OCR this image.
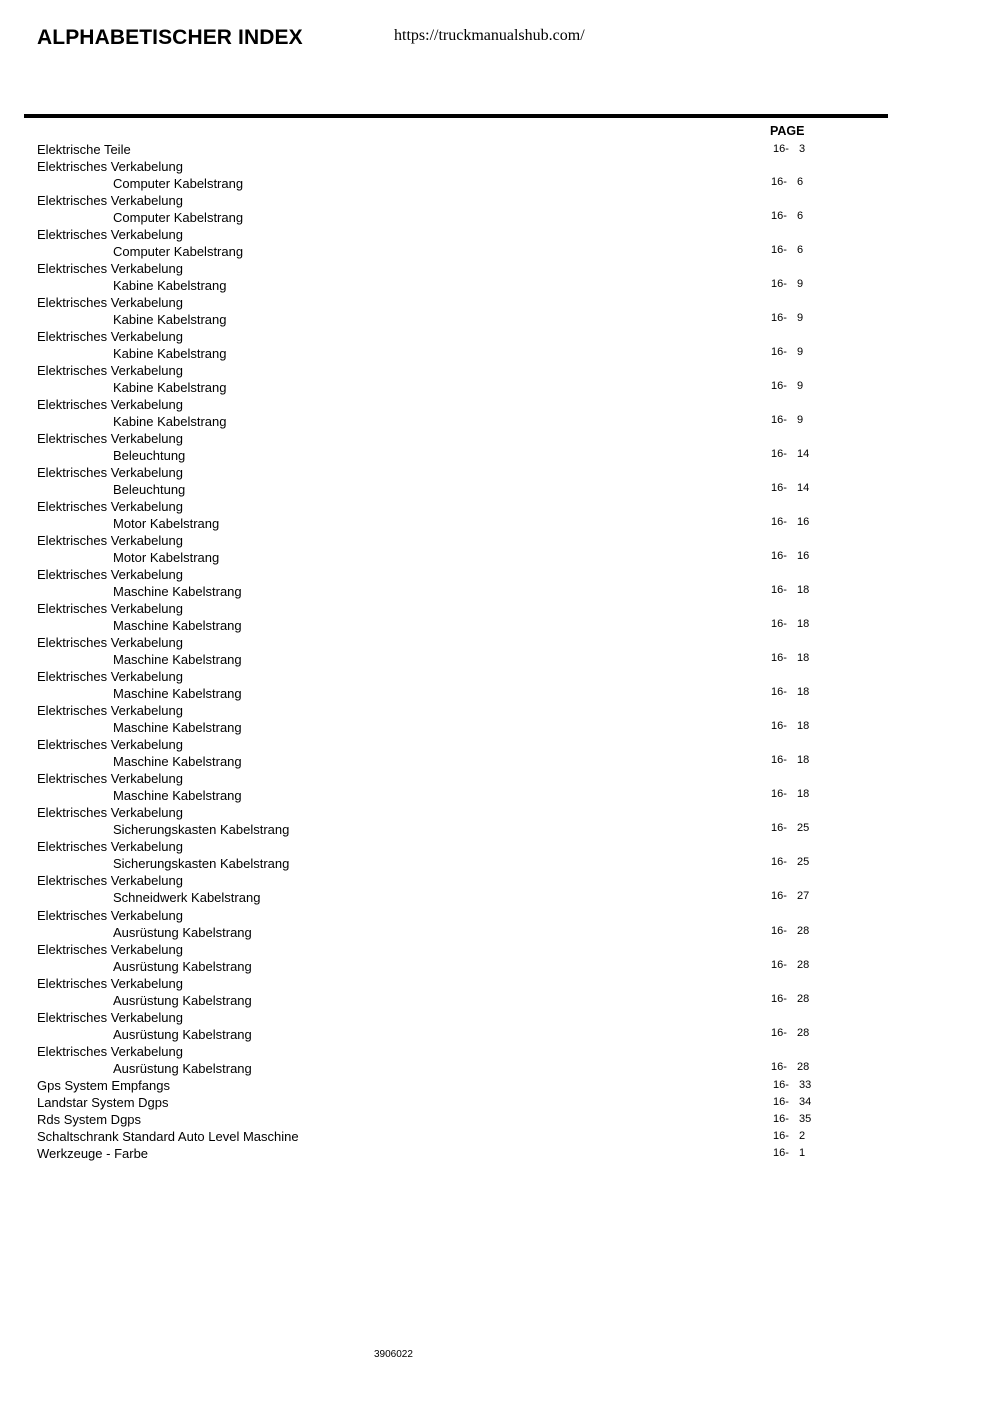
ALPHABETISCHER INDEX	https://truckmanualshub.com/
PAGE
Elektrische Teile	16- 3
Elektrisches Verkabelung
Computer Kabelstrang	16- 6
Elektrisches Verkabelung
Computer Kabelstrang	16- 6
Elektrisches Verkabelung
Computer Kabelstrang	16- 6
Elektrisches Verkabelung
Kabine Kabelstrang	16- 9
Elektrisches Verkabelung
Kabine Kabelstrang	16- 9
Elektrisches Verkabelung
Kabine Kabelstrang	16- 9
Elektrisches Verkabelung
Kabine Kabelstrang	16- 9
Elektrisches Verkabelung
Kabine Kabelstrang	16- 9
Elektrisches Verkabelung
Beleuchtung	16- 14
Elektrisches Verkabelung
Beleuchtung	16- 14
Elektrisches Verkabelung
Motor Kabelstrang	16- 16
Elektrisches Verkabelung
Motor Kabelstrang	16- 16
Elektrisches Verkabelung
Maschine Kabelstrang	16- 18
Elektrisches Verkabelung
Maschine Kabelstrang	16- 18
Elektrisches Verkabelung
Maschine Kabelstrang	16- 18
Elektrisches Verkabelung
Maschine Kabelstrang	16- 18
Elektrisches Verkabelung
Maschine Kabelstrang	16- 18
Elektrisches Verkabelung
Maschine Kabelstrang	16- 18
Elektrisches Verkabelung
Maschine Kabelstrang	16- 18
Elektrisches Verkabelung
Sicherungskasten Kabelstrang	16- 25
Elektrisches Verkabelung
Sicherungskasten Kabelstrang	16- 25
Elektrisches Verkabelung
Schneidwerk Kabelstrang	16- 27
Elektrisches Verkabelung
Ausrüstung Kabelstrang	16- 28
Elektrisches Verkabelung
Ausrüstung Kabelstrang	16- 28
Elektrisches Verkabelung
Ausrüstung Kabelstrang	16- 28
Elektrisches Verkabelung
Ausrüstung Kabelstrang	16- 28
Elektrisches Verkabelung
Ausrüstung Kabelstrang	16- 28
Gps System Empfangs	16- 33
Landstar System Dgps	16- 34
Rds System Dgps	16- 35
Schaltschrank Standard Auto Level Maschine	16- 2
Werkzeuge - Farbe	16- 1
3906022
